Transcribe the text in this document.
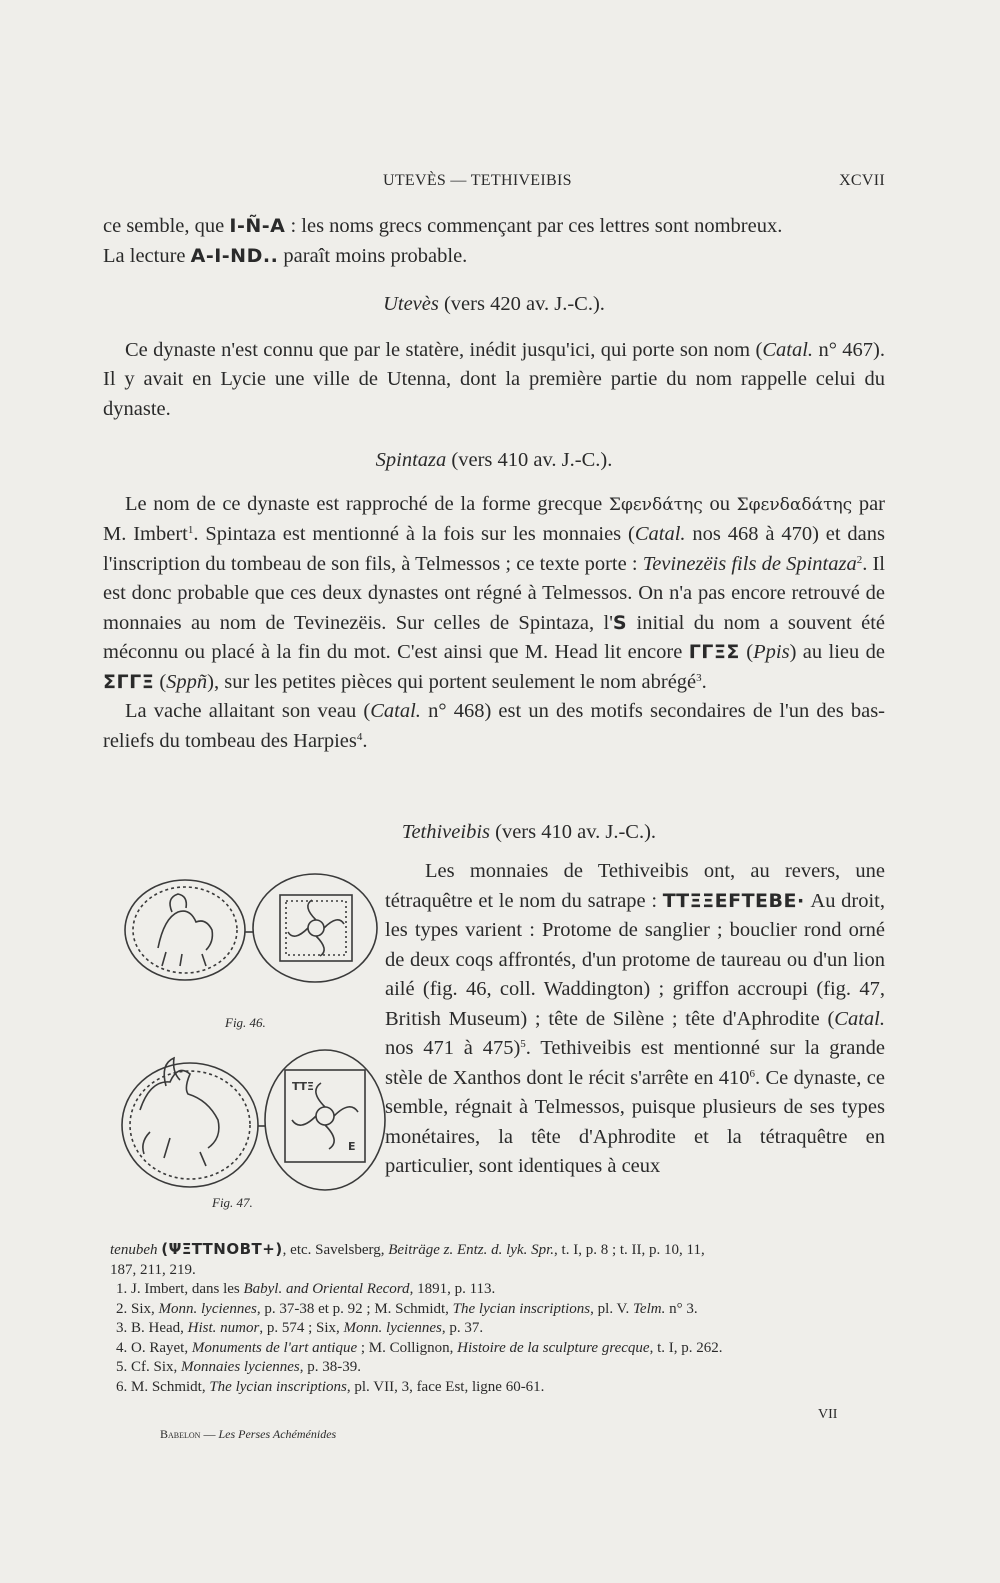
UTEVÈS — TETHIVEIBIS	XCVII

ce semble, que I-Ñ-A : les noms grecs commençant par ces lettres sont nombreux.

La lecture A-I-ND.. paraît moins probable.

Utevès (vers 420 av. J.-C.).

Ce dynaste n'est connu que par le statère, inédit jusqu'ici, qui porte son nom (Catal. n° 467). Il y avait en Lycie une ville de Utenna, dont la première partie du nom rappelle celui du dynaste.

Spintaza (vers 410 av. J.-C.).

Le nom de ce dynaste est rapproché de la forme grecque Σφενδάτης ou Σφενδαδάτης par M. Imbert$^1$. Spintaza est mentionné à la fois sur les monnaies (Catal. nos 468 à 470) et dans l'inscription du tombeau de son fils, à Telmessos ; ce texte porte : Tevinezëis fils de Spintaza$^2$. Il est donc probable que ces deux dynastes ont régné à Telmessos. On n'a pas encore retrouvé de monnaies au nom de Tevinezëis. Sur celles de Spintaza, l'S initial du nom a souvent été méconnu ou placé à la fin du mot. C'est ainsi que M. Head lit encore ΓΓΞΣ (Ppis) au lieu de ΣΓΓΞ (Sppñ), sur les petites pièces qui portent seulement le nom abrégé$^3$.

La vache allaitant son veau (Catal. n° 468) est un des motifs secondaires de l'un des bas-reliefs du tombeau des Harpies$^4$.

Tethiveibis (vers 410 av. J.-C.).

ΤΤΞ
Ε
Fig. 46.
Fig. 47.

Les monnaies de Tethiveibis ont, au revers, une tétraquêtre et le nom du satrape : TΤΞΞΕFΤΕΒΕ· Au droit, les types varient : Protome de sanglier ; bouclier rond orné de deux coqs affrontés, d'un protome de taureau ou d'un lion ailé (fig. 46, coll. Waddington) ; griffon accroupi (fig. 47, British Museum) ; tête de Silène ; tête d'Aphrodite (Catal. nos 471 à 475)$^5$. Tethiveibis est mentionné sur la grande stèle de Xanthos dont le récit s'arrête en $410^6$. Ce dynaste, ce semble, régnait à Telmessos, puisque plusieurs de ses types monétaires, la tête d'Aphrodite et la tétraquêtre en particulier, sont identiques à ceux

tenubeh (ΨΞΤΤΝΟΒΤ+), etc. Savelsberg, Beiträge z. Entz. d. lyk. Spr., t. I, p. 8 ; t. II, p. 10, 11,

187, 211, 219.

1. J. Imbert, dans les Babyl. and Oriental Record, 1891, p. 113.

2. Six, Monn. lyciennes, p. 37-38 et p. 92 ; M. Schmidt, The lycian inscriptions, pl. V. Telm. n° 3.

3. B. Head, Hist. numor, p. 574 ; Six, Monn. lyciennes, p. 37.

4. O. Rayet, Monuments de l'art antique ; M. Collignon, Histoire de la sculpture grecque, t. I, p. 262.

5. Cf. Six, Monnaies lyciennes, p. 38-39.

6. M. Schmidt, The lycian inscriptions, pl. VII, 3, face Est, ligne 60-61.

Babelon — Les Perses Achéménides
VII
